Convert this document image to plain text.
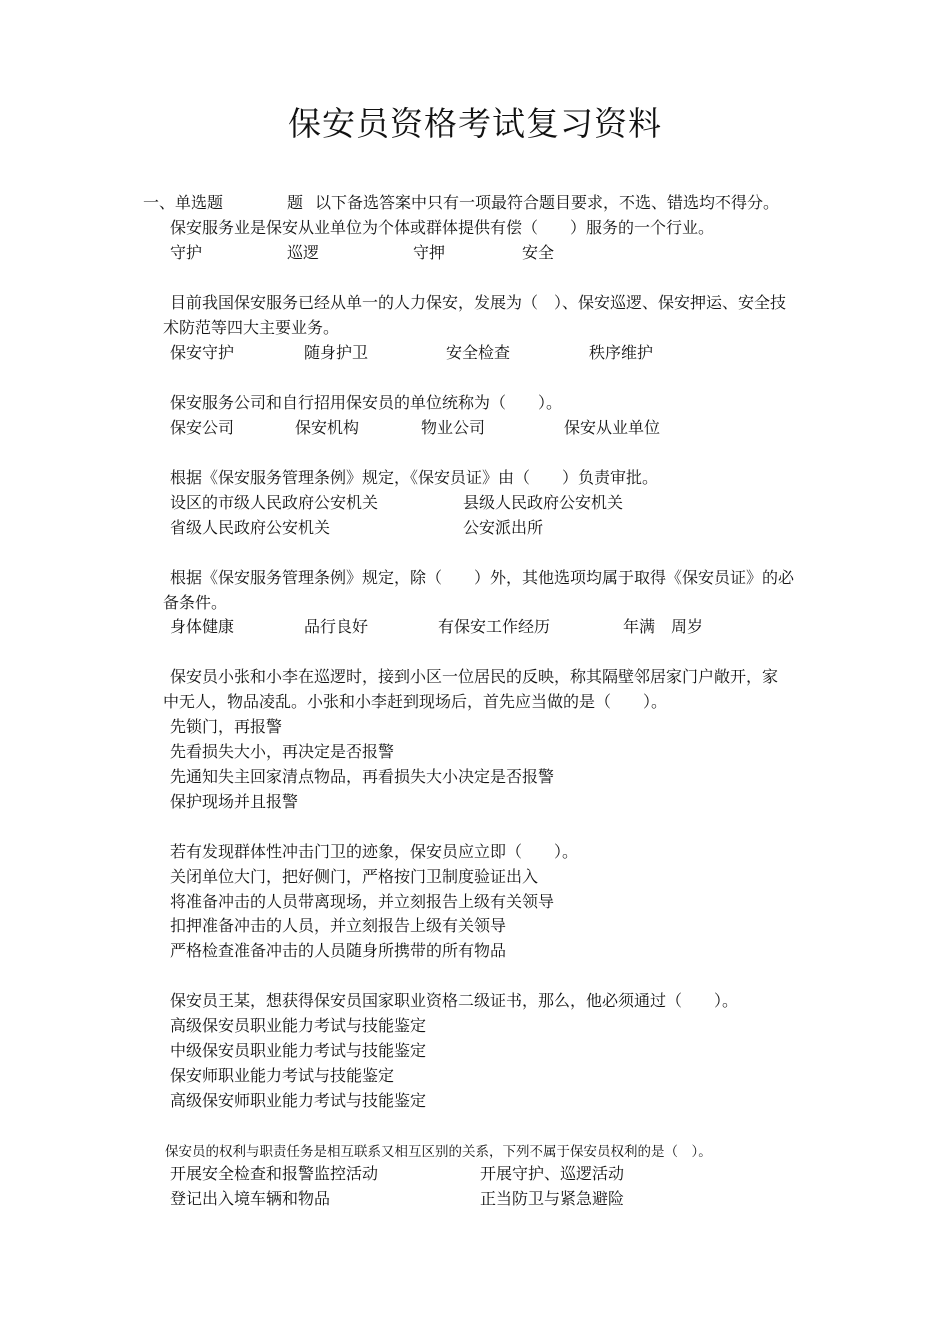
保安员资格考试复习资料
一、单选题	题 以下备选答案中只有一项最符合题目要求，不选、错选均不得分。
保安服务业是保安从业单位为个体或群体提供有偿（　　）服务的一个行业。
守护	巡逻	守押	安全
目前我国保安服务已经从单一的人力保安，发展为（　）、保安巡逻、保安押运、安全技
术防范等四大主要业务。
保安守护	随身护卫	安全检查	秩序维护
保安服务公司和自行招用保安员的单位统称为（　　）。
保安公司	保安机构	物业公司	保安从业单位
根据《保安服务管理条例》规定，《保安员证》由（　　）负责审批。
设区的市级人民政府公安机关	县级人民政府公安机关
省级人民政府公安机关	公安派出所
根据《保安服务管理条例》规定，除（　　）外，其他选项均属于取得《保安员证》的必
备条件。
身体健康	品行良好	有保安工作经历	年满　周岁
保安员小张和小李在巡逻时，接到小区一位居民的反映，称其隔壁邻居家门户敞开，家
中无人，物品凌乱。小张和小李赶到现场后，首先应当做的是（　　）。
先锁门，再报警
先看损失大小，再决定是否报警
先通知失主回家清点物品，再看损失大小决定是否报警
保护现场并且报警
若有发现群体性冲击门卫的迹象，保安员应立即（　　）。
关闭单位大门，把好侧门，严格按门卫制度验证出入
将准备冲击的人员带离现场，并立刻报告上级有关领导
扣押准备冲击的人员，并立刻报告上级有关领导
严格检查准备冲击的人员随身所携带的所有物品
保安员王某，想获得保安员国家职业资格二级证书，那么，他必须通过（　　）。
高级保安员职业能力考试与技能鉴定
中级保安员职业能力考试与技能鉴定
保安师职业能力考试与技能鉴定
高级保安师职业能力考试与技能鉴定
保安员的权利与职责任务是相互联系又相互区别的关系，下列不属于保安员权利的是（　）。
开展安全检查和报警监控活动	开展守护、巡逻活动
登记出入境车辆和物品	正当防卫与紧急避险
